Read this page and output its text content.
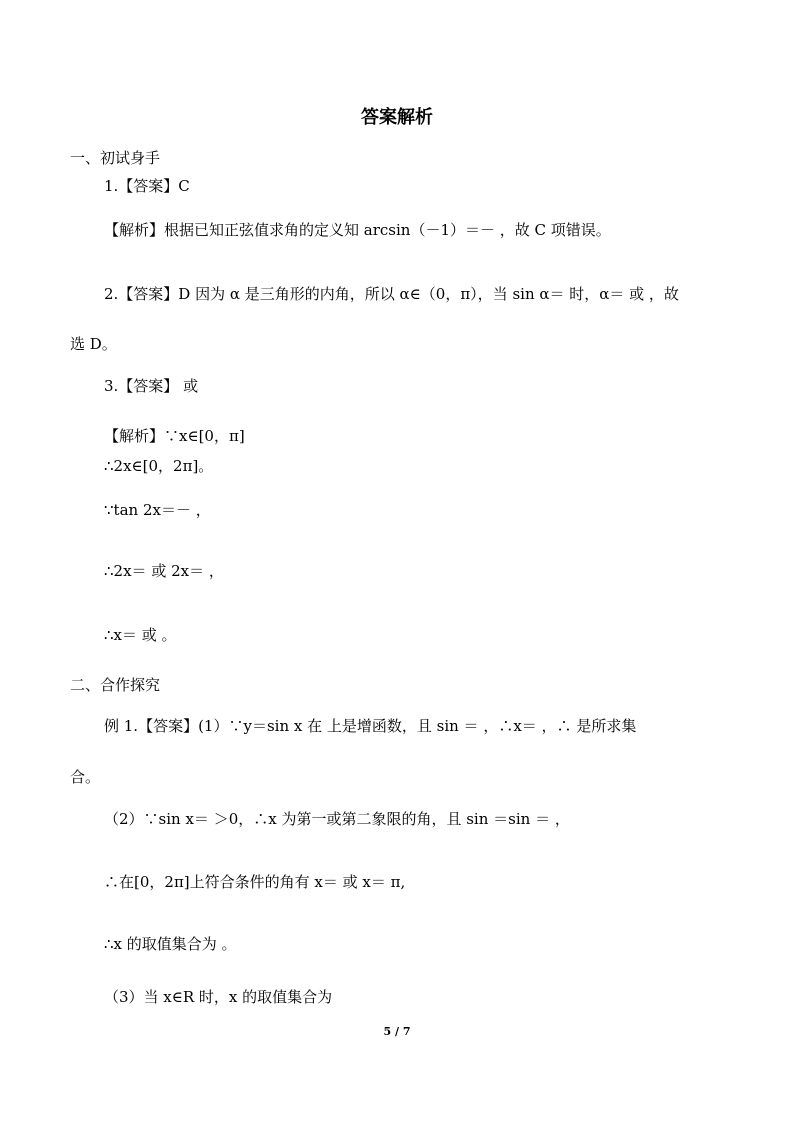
答案解析
一、初试身手
1.【答案】C
【解析】根据已知正弦值求角的定义知 arcsin（－1）＝－ ，故 C 项错误。
2.【答案】D 因为 α 是三角形的内角，所以 α∈（0，π），当 sin α＝ 时，α＝ 或 ，故
选 D。
3.【答案】 或
【解析】∵x∈[0，π]
∴2x∈[0，2π]。
∵tan 2x＝－ ，
∴2x＝ 或 2x＝ ，
∴x＝ 或 。
二、合作探究
例 1.【答案】(1）∵y＝sin x 在 上是增函数，且 sin ＝ ，∴x＝ ，∴ 是所求集
合。
（2）∵sin x＝ ＞0，∴x 为第一或第二象限的角，且 sin ＝sin ＝ ，
∴在[0，2π]上符合条件的角有 x＝ 或 x＝ π,
∴x 的取值集合为 。
（3）当 x∈R 时，x 的取值集合为
5 / 7
